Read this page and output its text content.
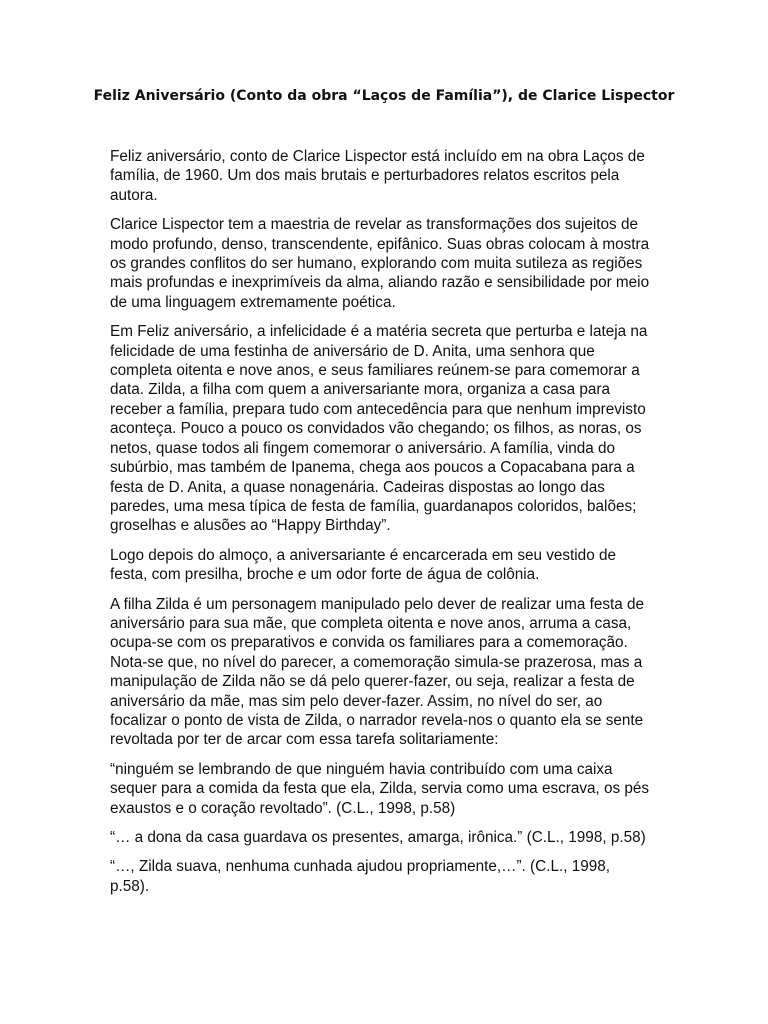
Feliz Aniversário (Conto da obra “Laços de Família”), de Clarice Lispector
Feliz aniversário, conto de Clarice Lispector está incluído em na obra Laços de
família, de 1960. Um dos mais brutais e perturbadores relatos escritos pela
autora.
Clarice Lispector tem a maestria de revelar as transformações dos sujeitos de
modo profundo, denso, transcendente, epifânico. Suas obras colocam à mostra
os grandes conflitos do ser humano, explorando com muita sutileza as regiões
mais profundas e inexprimíveis da alma, aliando razão e sensibilidade por meio
de uma linguagem extremamente poética.
Em Feliz aniversário, a infelicidade é a matéria secreta que perturba e lateja na
felicidade de uma festinha de aniversário de D. Anita, uma senhora que
completa oitenta e nove anos, e seus familiares reúnem-se para comemorar a
data. Zilda, a filha com quem a aniversariante mora, organiza a casa para
receber a família, prepara tudo com antecedência para que nenhum imprevisto
aconteça. Pouco a pouco os convidados vão chegando; os filhos, as noras, os
netos, quase todos ali fingem comemorar o aniversário. A família, vinda do
subúrbio, mas também de Ipanema, chega aos poucos a Copacabana para a
festa de D. Anita, a quase nonagenária. Cadeiras dispostas ao longo das
paredes, uma mesa típica de festa de família, guardanapos coloridos, balões;
groselhas e alusões ao “Happy Birthday”.
Logo depois do almoço, a aniversariante é encarcerada em seu vestido de
festa, com presilha, broche e um odor forte de água de colônia.
A filha Zilda é um personagem manipulado pelo dever de realizar uma festa de
aniversário para sua mãe, que completa oitenta e nove anos, arruma a casa,
ocupa-se com os preparativos e convida os familiares para a comemoração.
Nota-se que, no nível do parecer, a comemoração simula-se prazerosa, mas a
manipulação de Zilda não se dá pelo querer-fazer, ou seja, realizar a festa de
aniversário da mãe, mas sim pelo dever-fazer. Assim, no nível do ser, ao
focalizar o ponto de vista de Zilda, o narrador revela-nos o quanto ela se sente
revoltada por ter de arcar com essa tarefa solitariamente:
“ninguém se lembrando de que ninguém havia contribuído com uma caixa
sequer para a comida da festa que ela, Zilda, servia como uma escrava, os pés
exaustos e o coração revoltado”. (C.L., 1998, p.58)
“… a dona da casa guardava os presentes, amarga, irônica.” (C.L., 1998, p.58)
“…, Zilda suava, nenhuma cunhada ajudou propriamente,…”. (C.L., 1998,
p.58).
